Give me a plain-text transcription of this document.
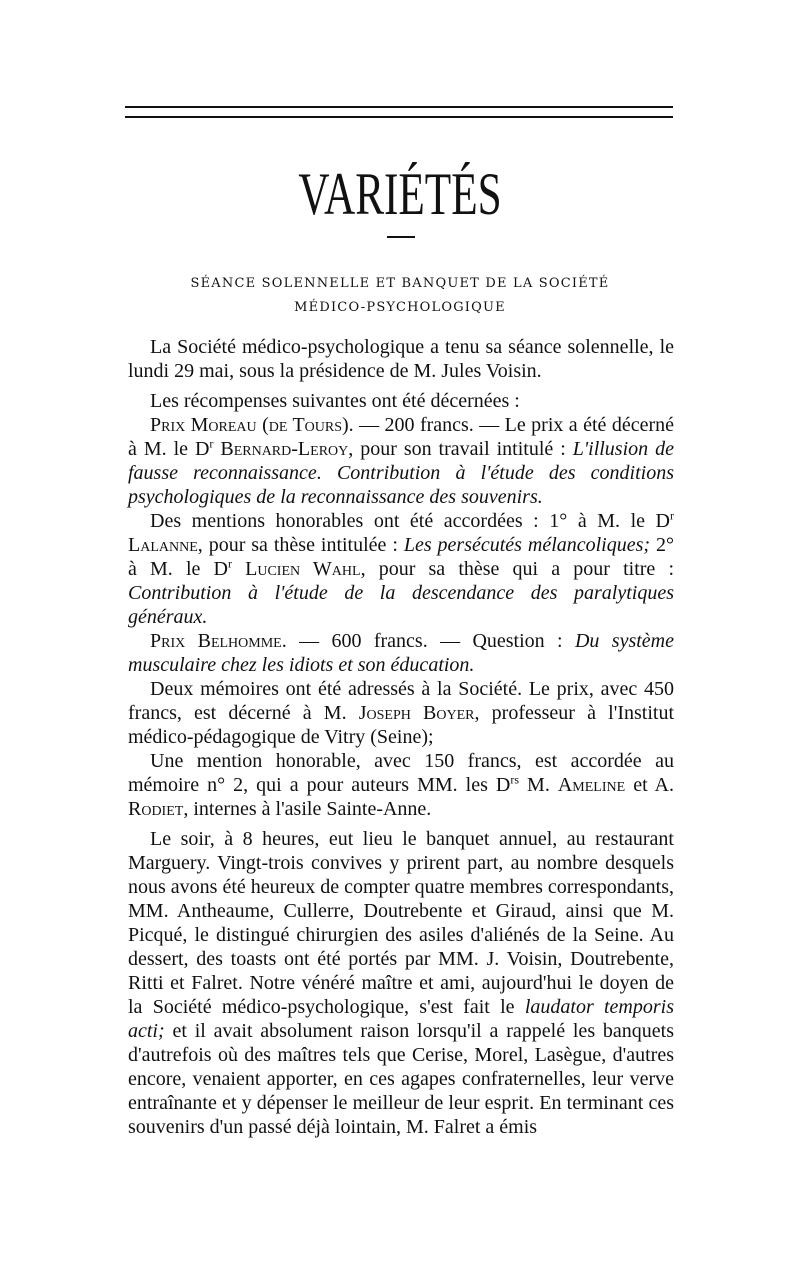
VARIÉTÉS
SÉANCE SOLENNELLE ET BANQUET DE LA SOCIÉTÉ
MÉDICO-PSYCHOLOGIQUE

La Société médico-psychologique a tenu sa séance solennelle, le lundi 29 mai, sous la présidence de M. Jules Voisin.

Les récompenses suivantes ont été décernées :

Prix Moreau (de Tours). — 200 francs. — Le prix a été décerné à M. le $D^r$ Bernard-Leroy, pour son travail intitulé : L'illusion de fausse reconnaissance. Contribution à l'étude des conditions psychologiques de la reconnaissance des souvenirs.

Des mentions honorables ont été accordées : 1° à M. le $D^r$ Lalanne, pour sa thèse intitulée : Les persécutés mélancoliques; 2° à M. le $D^r$ Lucien Wahl, pour sa thèse qui a pour titre : Contribution à l'étude de la descendance des paralytiques généraux.

Prix Belhomme. — 600 francs. — Question : Du système musculaire chez les idiots et son éducation.

Deux mémoires ont été adressés à la Société. Le prix, avec 450 francs, est décerné à M. Joseph Boyer, professeur à l'Institut médico-pédagogique de Vitry (Seine);

Une mention honorable, avec 150 francs, est accordée au mémoire n° 2, qui a pour auteurs MM. les $D^{rs}$ M. Ameline et A. Rodiet, internes à l'asile Sainte-Anne.

Le soir, à 8 heures, eut lieu le banquet annuel, au restaurant Marguery. Vingt-trois convives y prirent part, au nombre desquels nous avons été heureux de compter quatre membres correspondants, MM. Antheaume, Cullerre, Doutrebente et Giraud, ainsi que M. Picqué, le distingué chirurgien des asiles d'aliénés de la Seine. Au dessert, des toasts ont été portés par MM. J. Voisin, Doutrebente, Ritti et Falret. Notre vénéré maître et ami, aujourd'hui le doyen de la Société médico-psychologique, s'est fait le laudator temporis acti; et il avait absolument raison lorsqu'il a rappelé les banquets d'autrefois où des maîtres tels que Cerise, Morel, Lasègue, d'autres encore, venaient apporter, en ces agapes confraternelles, leur verve entraînante et y dépenser le meilleur de leur esprit. En terminant ces souvenirs d'un passé déjà lointain, M. Falret a émis
